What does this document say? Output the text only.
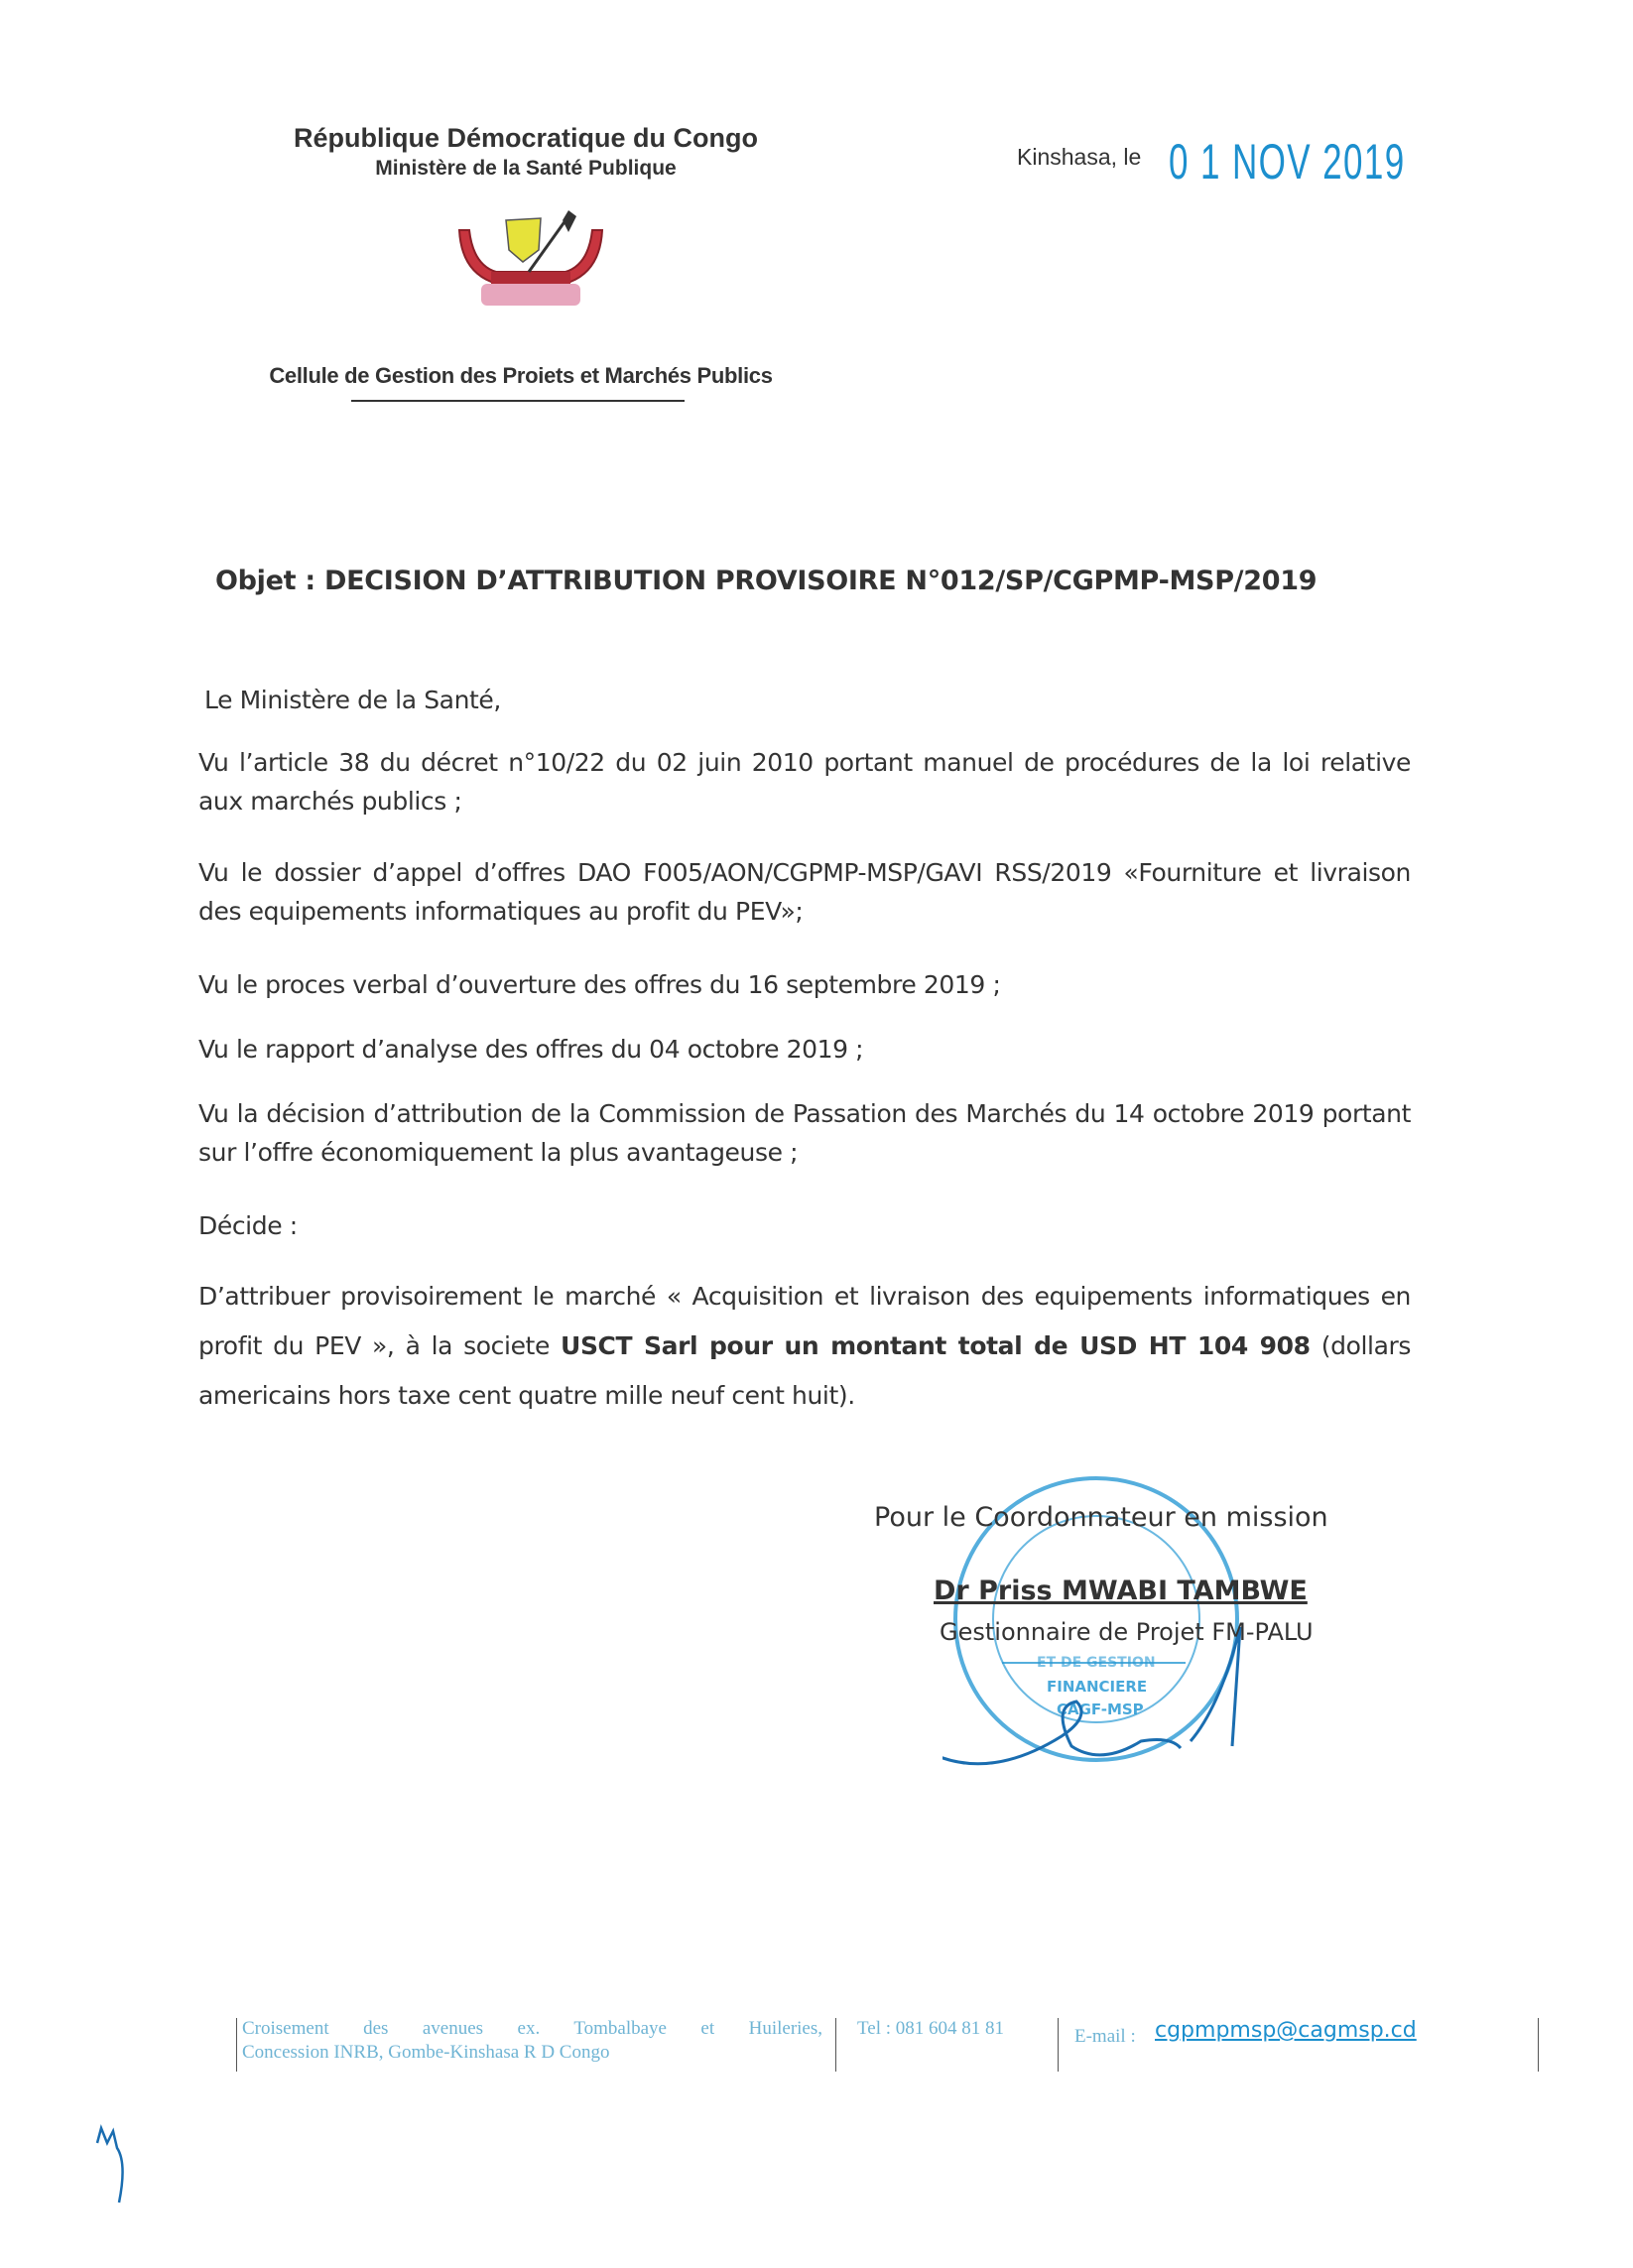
République Démocratique du Congo
Ministère de la Santé Publique
Cellule de Gestion des Proiets et Marchés Publics
Kinshasa, le 0 1 NOV 2019
Objet : DECISION D’ATTRIBUTION PROVISOIRE N°012/SP/CGPMP-MSP/2019
Le Ministère de la Santé,
Vu l’article 38 du décret n°10/22 du 02 juin 2010 portant manuel de procédures de la loi relative aux marchés publics ;
Vu le dossier d’appel d’offres DAO F005/AON/CGPMP-MSP/GAVI RSS/2019 «Fourniture et livraison des equipements informatiques au profit du PEV»;
Vu le proces verbal d’ouverture des offres du 16 septembre 2019 ;
Vu le rapport d’analyse des offres du 04 octobre 2019 ;
Vu la décision d’attribution de la Commission de Passation des Marchés du 14 octobre 2019 portant sur l’offre économiquement la plus avantageuse ;
Décide :
D’attribuer provisoirement le marché « Acquisition et livraison des equipements informatiques en profit du PEV », à la societe USCT Sarl pour un montant total de USD HT 104 908 (dollars americains hors taxe cent quatre mille neuf cent huit).
FINANCIERE
CAGF-MSP
ET DE GESTION
Pour le Coordonnateur en mission
Dr Priss MWABI TAMBWE
Gestionnaire de Projet FM-PALU
Croisement des avenues ex. Tombalbaye et Huileries,
Concession INRB, Gombe-Kinshasa R D Congo
Tel : 081 604 81 81	E-mail : cgpmpmsp@cagmsp.cd
